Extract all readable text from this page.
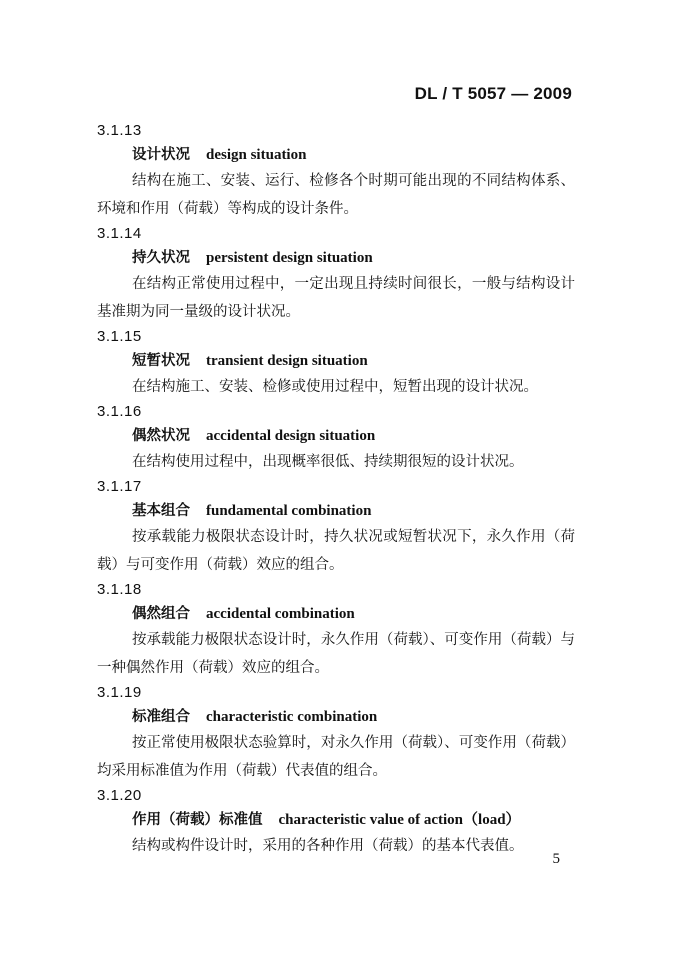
DL / T 5057 — 2009
3.1.13
设计状况 design situation

结构在施工、安装、运行、检修各个时期可能出现的不同结构体系、环境和作用（荷载）等构成的设计条件。

3.1.14
持久状况 persistent design situation

在结构正常使用过程中，一定出现且持续时间很长，一般与结构设计基准期为同一量级的设计状况。

3.1.15
短暂状况 transient design situation

在结构施工、安装、检修或使用过程中，短暂出现的设计状况。

3.1.16
偶然状况 accidental design situation

在结构使用过程中，出现概率很低、持续期很短的设计状况。

3.1.17
基本组合 fundamental combination

按承载能力极限状态设计时，持久状况或短暂状况下，永久作用（荷载）与可变作用（荷载）效应的组合。

3.1.18
偶然组合 accidental combination

按承载能力极限状态设计时，永久作用（荷载）、可变作用（荷载）与一种偶然作用（荷载）效应的组合。

3.1.19
标准组合 characteristic combination

按正常使用极限状态验算时，对永久作用（荷载）、可变作用（荷载）均采用标准值为作用（荷载）代表值的组合。

3.1.20
作用（荷载）标准值 characteristic value of action（load）

结构或构件设计时，采用的各种作用（荷载）的基本代表值。

5
